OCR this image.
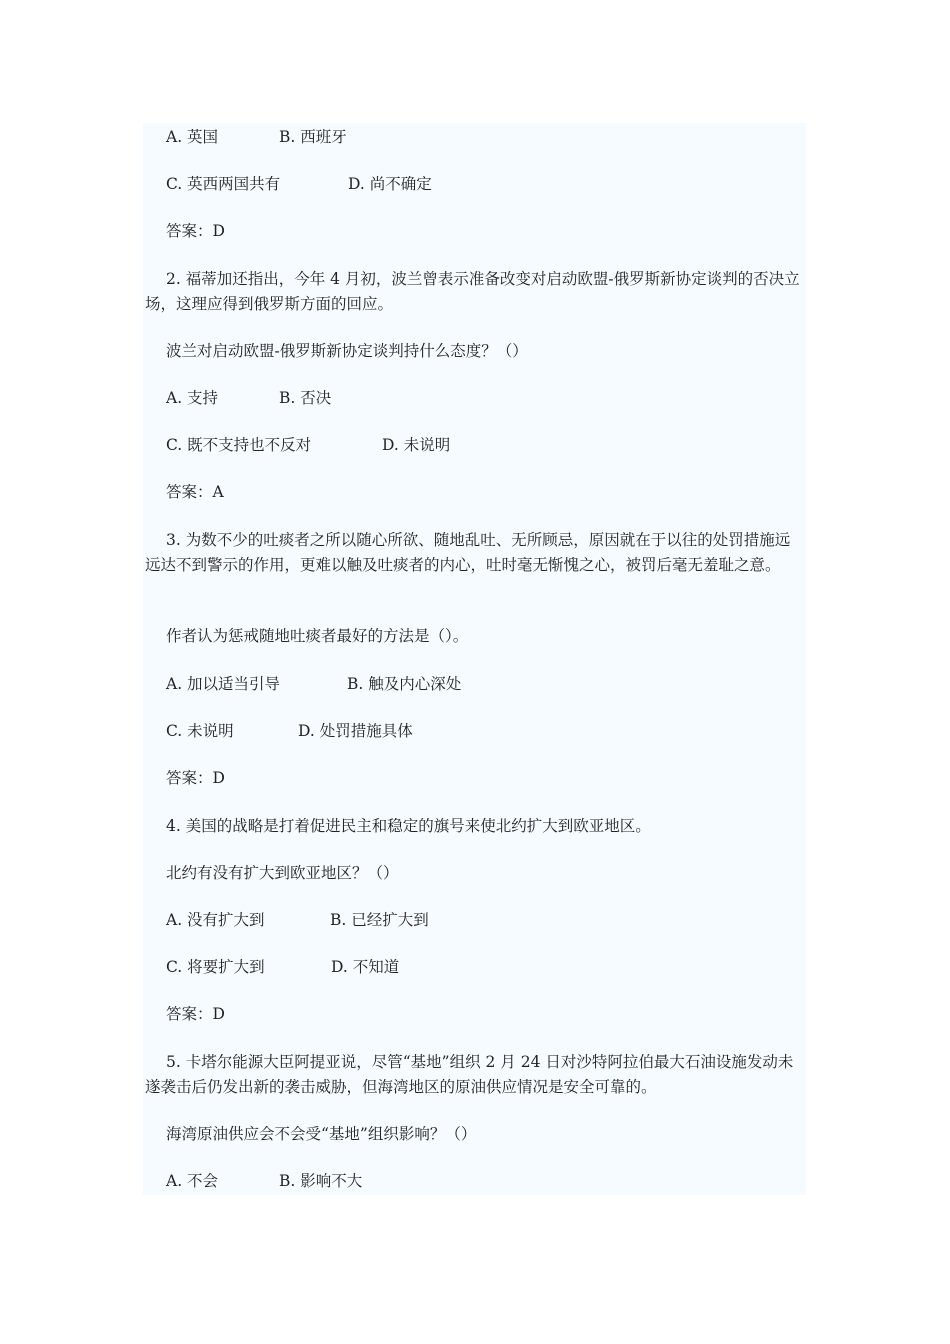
A. 英国	B. 西班牙
C. 英西两国共有	D. 尚不确定
答案：D
2. 福蒂加还指出，今年 4 月初，波兰曾表示准备改变对启动欧盟-俄罗斯新协定谈判的否决立场，这理应得到俄罗斯方面的回应。
波兰对启动欧盟-俄罗斯新协定谈判持什么态度？（）
A. 支持	B. 否决
C. 既不支持也不反对	D. 未说明
答案：A
3. 为数不少的吐痰者之所以随心所欲、随地乱吐、无所顾忌，原因就在于以往的处罚措施远远达不到警示的作用，更难以触及吐痰者的内心，吐时毫无惭愧之心，被罚后毫无羞耻之意。
作者认为惩戒随地吐痰者最好的方法是（）。
A. 加以适当引导	B. 触及内心深处
C. 未说明	D. 处罚措施具体
答案：D
4. 美国的战略是打着促进民主和稳定的旗号来使北约扩大到欧亚地区。
北约有没有扩大到欧亚地区？（）
A. 没有扩大到	B. 已经扩大到
C. 将要扩大到	D. 不知道
答案：D
5. 卡塔尔能源大臣阿提亚说，尽管“基地”组织 2 月 24 日对沙特阿拉伯最大石油设施发动未遂袭击后仍发出新的袭击威胁，但海湾地区的原油供应情况是安全可靠的。
海湾原油供应会不会受“基地”组织影响？（）
A. 不会	B. 影响不大
